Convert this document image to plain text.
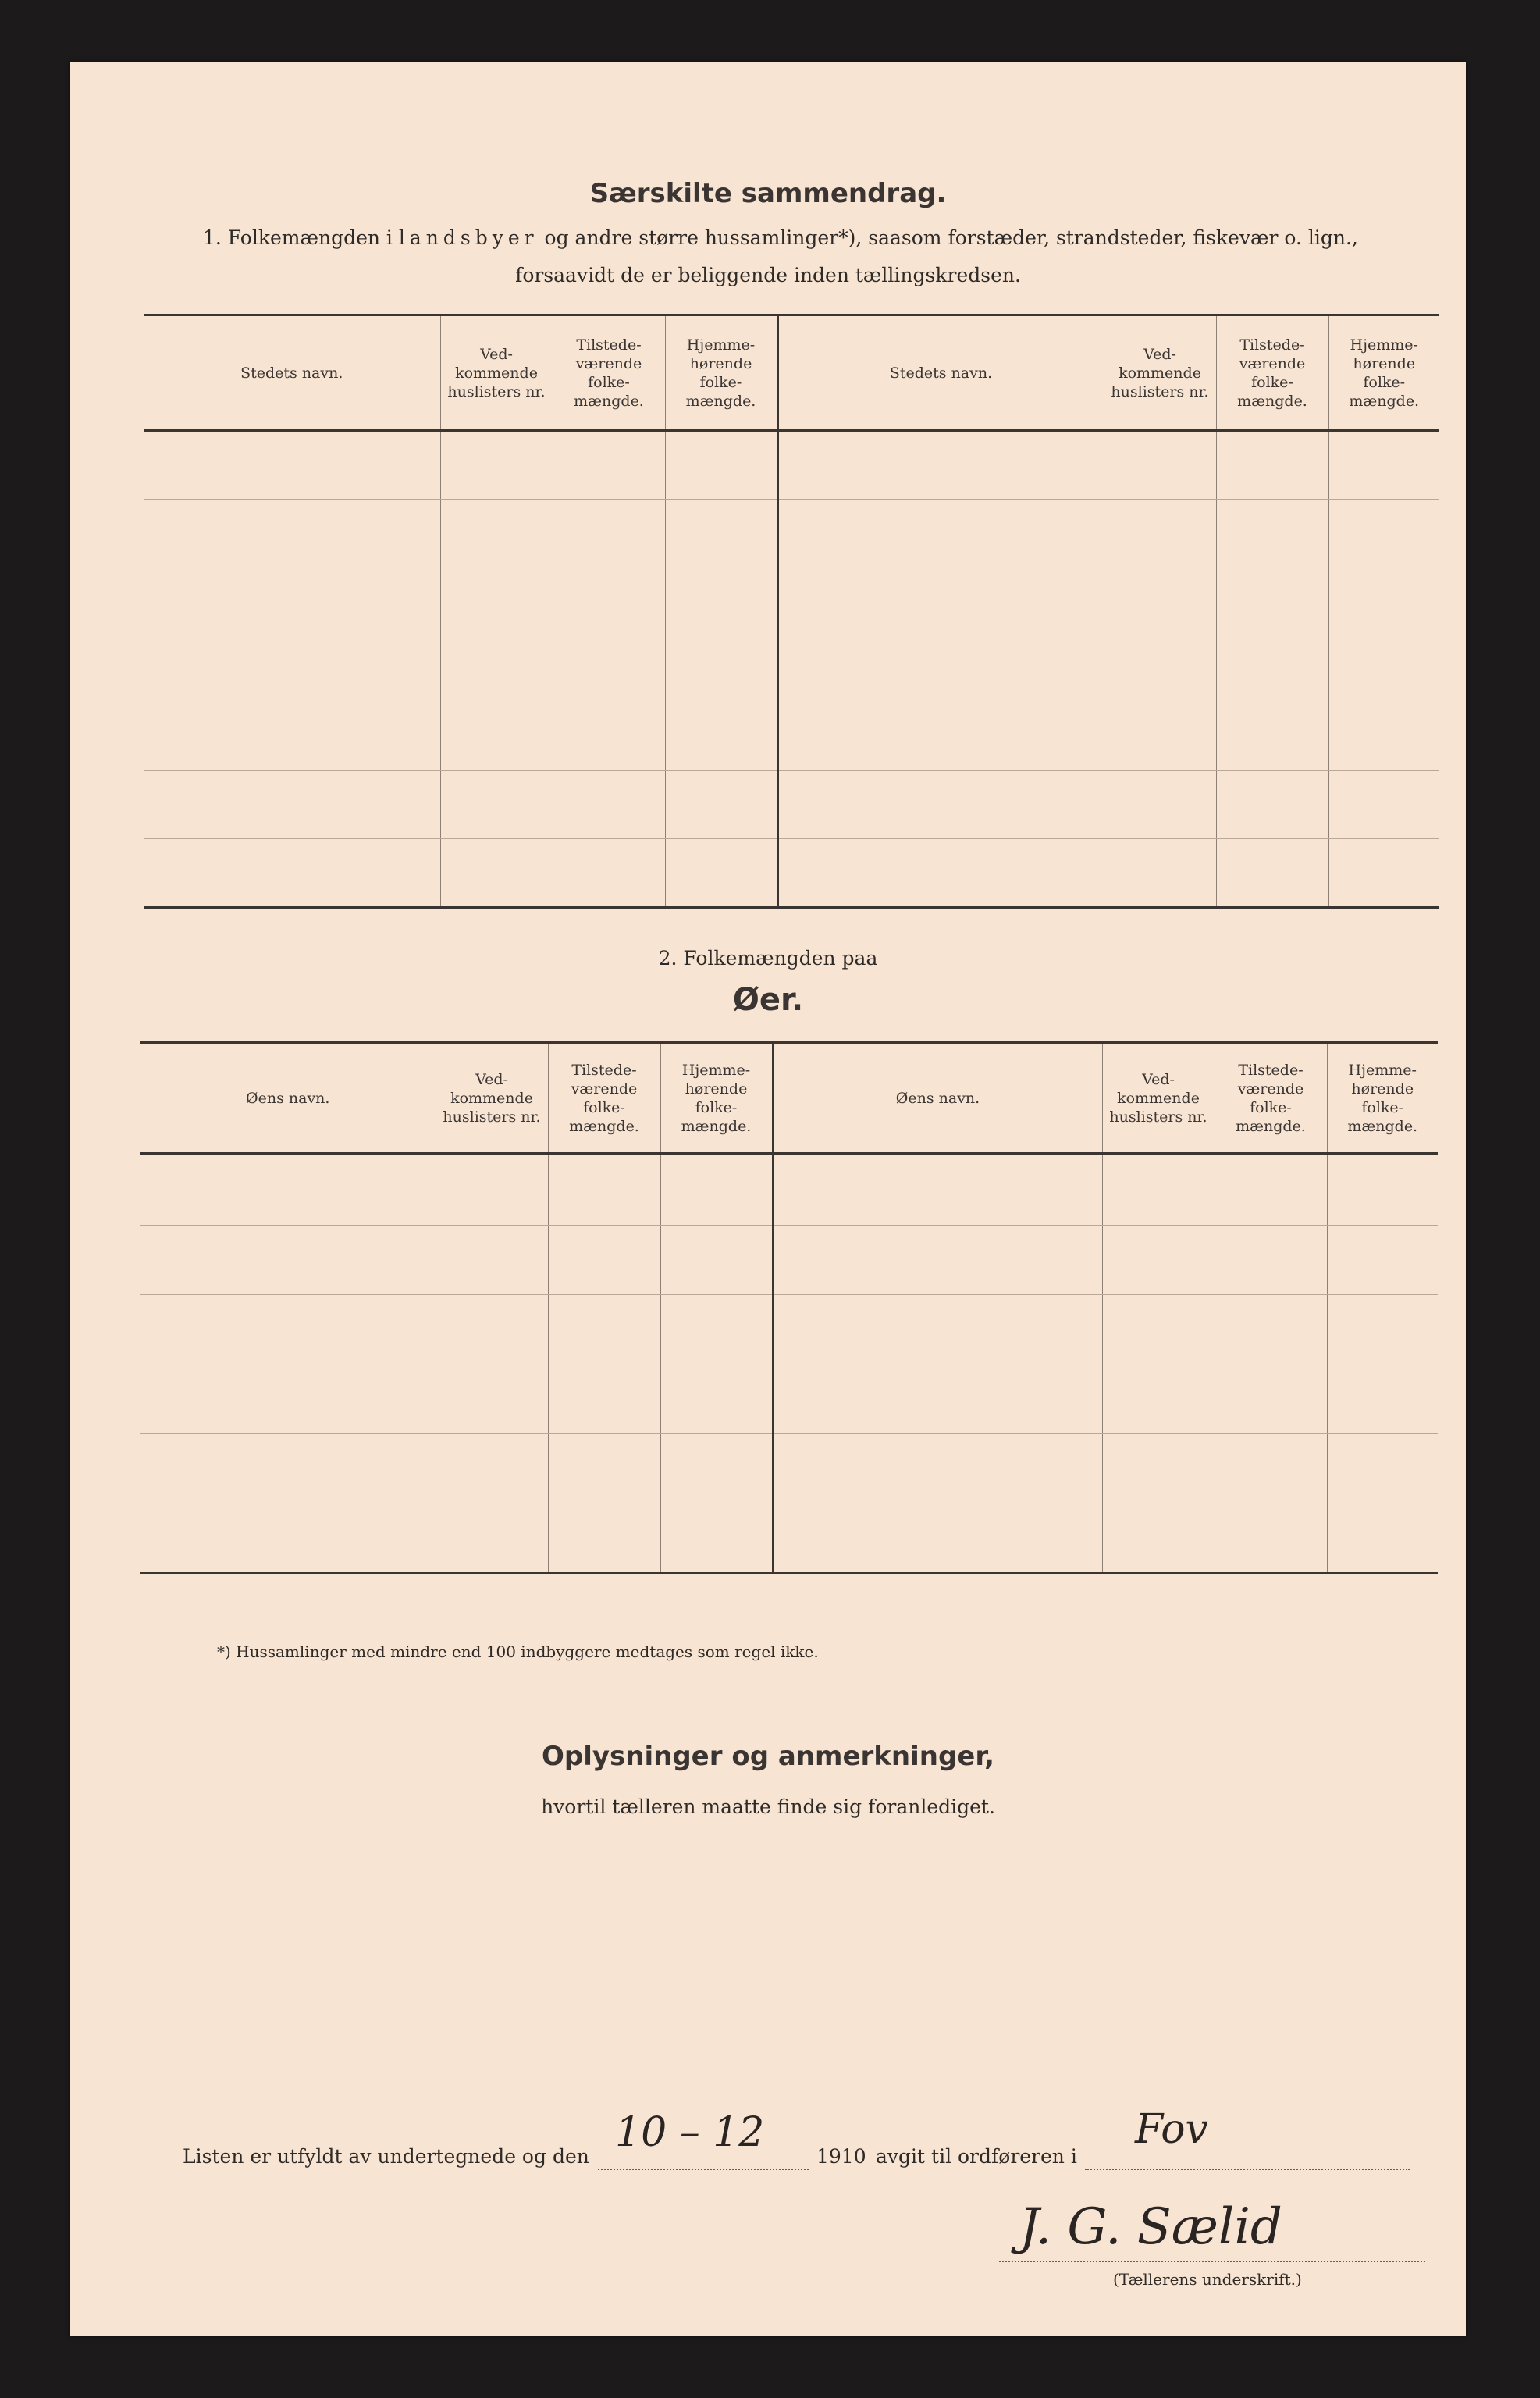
Særskilte sammendrag.
1. Folkemængden i landsbyer og andre større hussamlinger*), saasom forstæder, strandsteder, fiskevær o. lign.,
forsaavidt de er beliggende inden tællingskredsen.
Stedets navn.	Ved-kommende huslisters nr.	Tilstede-værende folke-mængde.	Hjemme-hørende folke-mængde.	Stedets navn.	Ved-kommende huslisters nr.	Tilstede-værende folke-mængde.	Hjemme-hørende folke-mængde.

2. Folkemængden paa
Øer.
Øens navn.	Ved-kommende huslisters nr.	Tilstede-værende folke-mængde.	Hjemme-hørende folke-mængde.	Øens navn.	Ved-kommende huslisters nr.	Tilstede-værende folke-mængde.	Hjemme-hørende folke-mængde.

*) Hussamlinger med mindre end 100 indbyggere medtages som regel ikke.
Oplysninger og anmerkninger,
hvortil tælleren maatte finde sig foranlediget.
Listen er utfyldt av undertegnede og den
10 – 12
1910 avgit til ordføreren i
Fov
J. G. Sælid
(Tællerens underskrift.)
